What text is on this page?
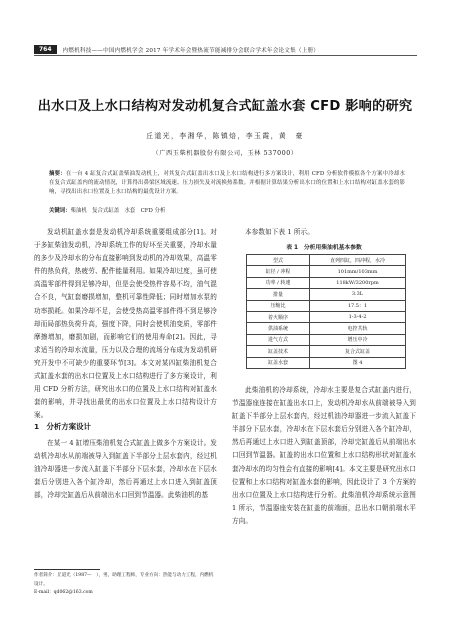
764	内燃机科技——中国内燃机学会 2017 年学术年会暨热流节能减排分会联合学术年会论文集（上册）
出水口及上水口结构对发动机复合式缸盖水套 CFD 影响的研究
丘道光，李湘华，陈镇焙，李玉霞，黄　豪
（广西玉柴机器股份有限公司，玉林 537000）
摘要：在一台 4 缸复合式缸盖柴油发动机上，对其复合式缸盖出水口及上水口结构进行多方案设计，利用 CFD 分析软件模拟各个方案中冷却水在复合式缸盖内的流动情况，计算得出鼻梁区域流速、压力损失及对流换热系数。并根据计算结果分析出水口的位置和上水口结构对缸盖水套的影响，寻找出出水口位置及上水口结构的最优设计方案。
关键词：柴油机　复合式缸盖　水套　CFD 分析

发动机缸盖水套是发动机冷却系统重要组成部分[1]。对于多缸柴油发动机，冷却系统工作的好坏至关重要，冷却水量的多少及冷却水的分布直接影响到发动机的冷却效果，高温零件的热负荷，热疲劳、配件能量利用。如果冷却过度，虽可使高温零部件得到足够冷却，但是会使受热件容易不均，油气混合不良，气缸套磨损增加，整机可靠性降低；同时增加水泵的功率损耗。如果冷却不足，会使受热高温零部件得不到足够冷却而局部热负荷升高，强度下降，同时会使机油变质，零部件摩擦增加，磨损加剧，而影响它们的使用寿命[2]。因此，寻求适当的冷却水流量，压力以及合理的流场分布成为发动机研究开发中不可缺少的重要环节[3]。本文对某四缸柴油机复合式缸盖水套的出水口位置及上水口结构进行了多方案设计，利用 CFD 分析方法，研究出水口的位置及上水口结构对缸盖水套的影响，并寻找出最优的出水口位置及上水口结构设计方案。

1　分析方案设计

在某一 4 缸增压柴油机复合式缸盖上做多个方案设计。发动机冷却水从前端被导入到缸盖下半部分上层水套内，经过机油冷却器进一步流入缸盖下半部分下层水套，冷却水在下层水套后分别进入各个缸冷却，然后再通过上水口进入到缸盖顶部，冷却完缸盖后从前端出水口回到节温器。此柴油机的基

作者简介：丘道光（1987—　），男，助理工程师，专业方向：热能与动力工程，内燃机设计。
E-mail：qd062@163.com

本参数如下表 1 所示。

表 1　分析用柴油机基本参数
型式	直列四缸，四冲程，水冷
缸径 / 冲程	101mm/103mm
功率 / 转速	118kW/3200rpm
排量	3.3L
压缩比	17.5：1
着火顺序	1-3-4-2
供油系统	电控共轨
进气方式	增压中冷
缸盖技术	复合式缸盖
缸盖水套	图 4

此柴油机的冷却系统，冷却水主要是复合式缸盖内进行，节温器座连接在缸盖出水口上，发动机冷却水从前端被导入到缸盖下半部分上层水套内，经过机油冷却器进一步流入缸盖下半部分下层水套，冷却水在下层水套后分别进入各个缸冷却，然后再通过上水口进入到缸盖顶部，冷却完缸盖后从前端出水口回到节温器。缸盖的出水口位置和上水口结构形状对缸盖水套冷却水的均匀性会有直接的影响[4]。本文主要是研究出水口位置和上水口结构对缸盖水套的影响，因此设计了 3 个方案的出水口位置及上水口结构进行分析。此柴油机冷却系统示意图 1 所示，节温器座安装在缸盖的前端面，总出水口朝前端水平方向。
